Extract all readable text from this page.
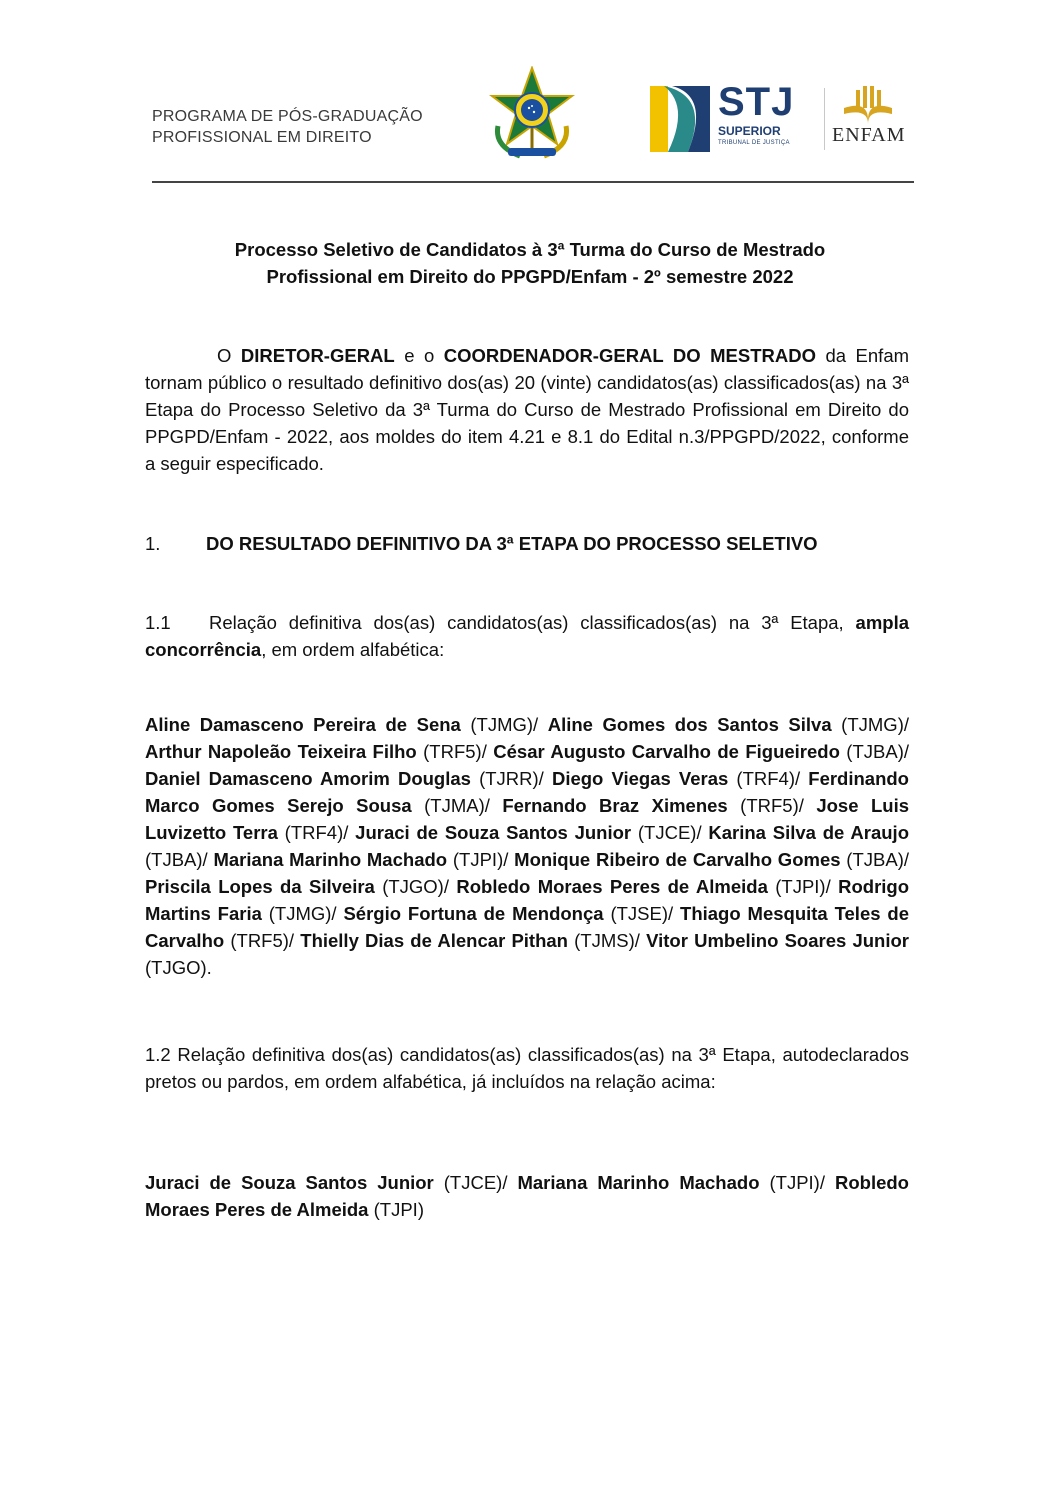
PROGRAMA DE PÓS-GRADUAÇÃO
PROFISSIONAL EM DIREITO
STJ
SUPERIOR
TRIBUNAL DE JUSTIÇA ENFAM
Processo Seletivo de Candidatos à 3ª Turma do Curso de Mestrado
Profissional em Direito do PPGPD/Enfam - 2º semestre 2022
O DIRETOR-GERAL e o COORDENADOR-GERAL DO MESTRADO da Enfam tornam público o resultado definitivo dos(as) 20 (vinte) candidatos(as) classificados(as) na 3ª Etapa do Processo Seletivo da 3ª Turma do Curso de Mestrado Profissional em Direito do PPGPD/Enfam - 2022, aos moldes do item 4.21 e 8.1 do Edital n.3/PPGPD/2022, conforme a seguir especificado.
1. DO RESULTADO DEFINITIVO DA 3ª ETAPA DO PROCESSO SELETIVO
1.1 Relação definitiva dos(as) candidatos(as) classificados(as) na 3ª Etapa, ampla concorrência, em ordem alfabética:
Aline Damasceno Pereira de Sena (TJMG)/ Aline Gomes dos Santos Silva (TJMG)/ Arthur Napoleão Teixeira Filho (TRF5)/ César Augusto Carvalho de Figueiredo (TJBA)/ Daniel Damasceno Amorim Douglas (TJRR)/ Diego Viegas Veras (TRF4)/ Ferdinando Marco Gomes Serejo Sousa (TJMA)/ Fernando Braz Ximenes (TRF5)/ Jose Luis Luvizetto Terra (TRF4)/ Juraci de Souza Santos Junior (TJCE)/ Karina Silva de Araujo (TJBA)/ Mariana Marinho Machado (TJPI)/ Monique Ribeiro de Carvalho Gomes (TJBA)/ Priscila Lopes da Silveira (TJGO)/ Robledo Moraes Peres de Almeida (TJPI)/ Rodrigo Martins Faria (TJMG)/ Sérgio Fortuna de Mendonça (TJSE)/ Thiago Mesquita Teles de Carvalho (TRF5)/ Thielly Dias de Alencar Pithan (TJMS)/ Vitor Umbelino Soares Junior (TJGO).
1.2 Relação definitiva dos(as) candidatos(as) classificados(as) na 3ª Etapa, autodeclarados pretos ou pardos, em ordem alfabética, já incluídos na relação acima:
Juraci de Souza Santos Junior (TJCE)/ Mariana Marinho Machado (TJPI)/ Robledo Moraes Peres de Almeida (TJPI)
